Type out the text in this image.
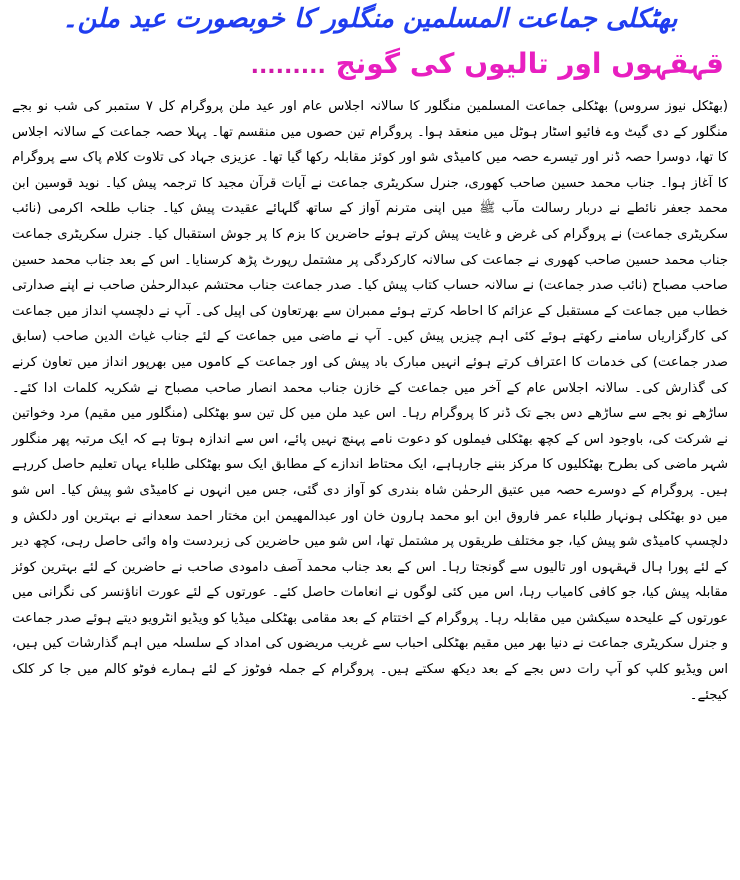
بھٹکلی جماعت المسلمین منگلور کا خوبصورت عید ملن۔
قہقہوں اور تالیوں کی گونج .........
(بھٹکل نیوز سروس) بھٹکلی جماعت المسلمین منگلور کا سالانہ اجلاس عام اور عید ملن پروگرام کل ۷ ستمبر کی شب نو بجے منگلور کے دی گیٹ وے فائیو اسٹار ہوٹل میں منعقد ہوا۔ پروگرام تین حصوں میں منقسم تھا۔ پہلا حصہ جماعت کے سالانہ اجلاس کا تھا، دوسرا حصہ ڈنر اور تیسرے حصہ میں کامیڈی شو اور کوئز مقابلہ رکھا گیا تھا۔ عزیزی جہاد کی تلاوت کلام پاک سے پروگرام کا آغاز ہوا۔ جناب محمد حسین صاحب کھوری، جنرل سکریٹری جماعت نے آیات قرآن مجید کا ترجمہ پیش کیا۔ نوید قوسین ابن محمد جعفر نائطے نے دربار رسالت مآب ﷺ میں اپنی مترنم آواز کے ساتھ گلہائے عقیدت پیش کیا۔ جناب طلحہ اکرمی (نائب سکریٹری جماعت) نے پروگرام کی غرض و غایت پیش کرتے ہوئے حاضرین کا بزم کا پر جوش استقبال کیا۔ جنرل سکریٹری جماعت جناب محمد حسین صاحب کھوری نے جماعت کی سالانہ کارکردگی پر مشتمل رپورٹ پڑھ کرسنایا۔ اس کے بعد جناب محمد حسین صاحب مصباح (نائب صدر جماعت) نے سالانہ حساب کتاب پیش کیا۔ صدر جماعت جناب محتشم عبدالرحمٰن صاحب نے اپنے صدارتی خطاب میں جماعت کے مستقبل کے عزائم کا احاطہ کرتے ہوئے ممبران سے بھرتعاون کی اپیل کی۔ آپ نے دلچسپ انداز میں جماعت کی کارگزاریاں سامنے رکھتے ہوئے کئی اہم چیزیں پیش کیں۔ آپ نے ماضی میں جماعت کے لئے جناب غیاث الدین صاحب (سابق صدر جماعت) کی خدمات کا اعتراف کرتے ہوئے انہیں مبارک باد پیش کی اور جماعت کے کاموں میں بھرپور انداز میں تعاون کرنے کی گذارش کی۔ سالانہ اجلاس عام کے آخر میں جماعت کے خازن جناب محمد انصار صاحب مصباح نے شکریہ کلمات ادا کئے۔ ساڑھے نو بجے سے ساڑھے دس بجے تک ڈنر کا پروگرام رہا۔ اس عید ملن میں کل تین سو بھٹکلی (منگلور میں مقیم) مرد وخواتین نے شرکت کی، باوجود اس کے کچھ بھٹکلی فیملوں کو دعوت نامے پہنچ نہیں پائے، اس سے اندازہ ہوتا ہے کہ ایک مرتبہ پھر منگلور شہر ماضی کی بطرح بھٹکلیوں کا مرکز بننے جارہاہے، ایک محتاط اندازے کے مطابق ایک سو بھٹکلی طلباء یہاں تعلیم حاصل کررہے ہیں۔ پروگرام کے دوسرے حصہ میں عتیق الرحمٰن شاہ بندری کو آواز دی گئی، جس میں انہوں نے کامیڈی شو پیش کیا۔ اس شو میں دو بھٹکلی ہونہار طلباء عمر فاروق ابن ابو محمد ہارون خان اور عبدالمھیمن ابن مختار احمد سعدانے نے بہترین اور دلکش و دلچسپ کامیڈی شو پیش کیا، جو مختلف طریقوں پر مشتمل تھا، اس شو میں حاضرین کی زبردست واہ وائی حاصل رہی، کچھ دیر کے لئے پورا ہال قہقہوں اور تالیوں سے گونجتا رہا۔ اس کے بعد جناب محمد آصف دامودی صاحب نے حاضرین کے لئے بہترین کوئز مقابلہ پیش کیا، جو کافی کامیاب رہا، اس میں کئی لوگوں نے انعامات حاصل کئے۔ عورتوں کے لئے عورت اناؤنسر کی نگرانی میں عورتوں کے علیحدہ سیکشن میں مقابلہ رہا۔ پروگرام کے اختتام کے بعد مقامی بھٹکلی میڈیا کو ویڈیو انٹرویو دیتے ہوئے صدر جماعت و جنرل سکریٹری جماعت نے دنیا بھر میں مقیم بھٹکلی احباب سے غریب مریضوں کی امداد کے سلسلہ میں اہم گذارشات کیں ہیں، اس ویڈیو کلپ کو آپ رات دس بجے کے بعد دیکھ سکتے ہیں۔ پروگرام کے جملہ فوٹوز کے لئے ہمارے فوٹو کالم میں جا کر کلک کیجئے۔
